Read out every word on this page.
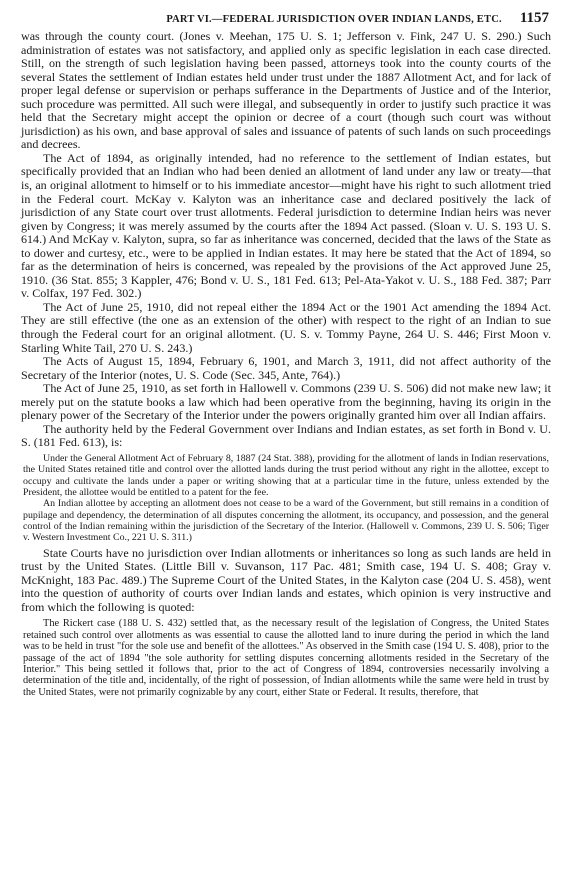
PART VI.—FEDERAL JURISDICTION OVER INDIAN LANDS, ETC. 1157

was through the county court. (Jones v. Meehan, 175 U. S. 1; Jefferson v. Fink, 247 U. S. 290.) Such administration of estates was not satisfactory, and applied only as specific legislation in each case directed. Still, on the strength of such legislation having been passed, attorneys took into the county courts of the several States the settlement of Indian estates held under trust under the 1887 Allotment Act, and for lack of proper legal defense or supervision or perhaps sufferance in the Departments of Justice and of the Interior, such procedure was permitted. All such were illegal, and subsequently in order to justify such practice it was held that the Secretary might accept the opinion or decree of a court (though such court was without jurisdiction) as his own, and base approval of sales and issuance of patents of such lands on such proceedings and decrees.

The Act of 1894, as originally intended, had no reference to the settlement of Indian estates, but specifically provided that an Indian who had been denied an allotment of land under any law or treaty—that is, an original allotment to himself or to his immediate ancestor—might have his right to such allotment tried in the Federal court. McKay v. Kalyton was an inheritance case and declared positively the lack of jurisdiction of any State court over trust allotments. Federal jurisdiction to determine Indian heirs was never given by Congress; it was merely assumed by the courts after the 1894 Act passed. (Sloan v. U. S. 193 U. S. 614.) And McKay v. Kalyton, supra, so far as inheritance was concerned, decided that the laws of the State as to dower and curtesy, etc., were to be applied in Indian estates. It may here be stated that the Act of 1894, so far as the determination of heirs is concerned, was repealed by the provisions of the Act approved June 25, 1910. (36 Stat. 855; 3 Kappler, 476; Bond v. U. S., 181 Fed. 613; Pel-Ata-Yakot v. U. S., 188 Fed. 387; Parr v. Colfax, 197 Fed. 302.)

The Act of June 25, 1910, did not repeal either the 1894 Act or the 1901 Act amending the 1894 Act. They are still effective (the one as an extension of the other) with respect to the right of an Indian to sue through the Federal court for an original allotment. (U. S. v. Tommy Payne, 264 U. S. 446; First Moon v. Starling White Tail, 270 U. S. 243.)

The Acts of August 15, 1894, February 6, 1901, and March 3, 1911, did not affect authority of the Secretary of the Interior (notes, U. S. Code (Sec. 345, Ante, 764).)

The Act of June 25, 1910, as set forth in Hallowell v. Commons (239 U. S. 506) did not make new law; it merely put on the statute books a law which had been operative from the beginning, having its origin in the plenary power of the Secretary of the Interior under the powers originally granted him over all Indian affairs.

The authority held by the Federal Government over Indians and Indian estates, as set forth in Bond v. U. S. (181 Fed. 613), is:

Under the General Allotment Act of February 8, 1887 (24 Stat. 388), providing for the allotment of lands in Indian reservations, the United States retained title and control over the allotted lands during the trust period without any right in the allottee, except to occupy and cultivate the lands under a paper or writing showing that at a particular time in the future, unless extended by the President, the allottee would be entitled to a patent for the fee.

An Indian allottee by accepting an allotment does not cease to be a ward of the Government, but still remains in a condition of pupilage and dependency, the determination of all disputes concerning the allotment, its occupancy, and possession, and the general control of the Indian remaining within the jurisdiction of the Secretary of the Interior. (Hallowell v. Commons, 239 U. S. 506; Tiger v. Western Investment Co., 221 U. S. 311.)

State Courts have no jurisdiction over Indian allotments or inheritances so long as such lands are held in trust by the United States. (Little Bill v. Suvanson, 117 Pac. 481; Smith case, 194 U. S. 408; Gray v. McKnight, 183 Pac. 489.) The Supreme Court of the United States, in the Kalyton case (204 U. S. 458), went into the question of authority of courts over Indian lands and estates, which opinion is very instructive and from which the following is quoted:

The Rickert case (188 U. S. 432) settled that, as the necessary result of the legislation of Congress, the United States retained such control over allotments as was essential to cause the allotted land to inure during the period in which the land was to be held in trust "for the sole use and benefit of the allottees." As observed in the Smith case (194 U. S. 408), prior to the passage of the act of 1894 "the sole authority for settling disputes concerning allotments resided in the Secretary of the Interior." This being settled it follows that, prior to the act of Congress of 1894, controversies necessarily involving a determination of the title and, incidentally, of the right of possession, of Indian allotments while the same were held in trust by the United States, were not primarily cognizable by any court, either State or Federal. It results, therefore, that
